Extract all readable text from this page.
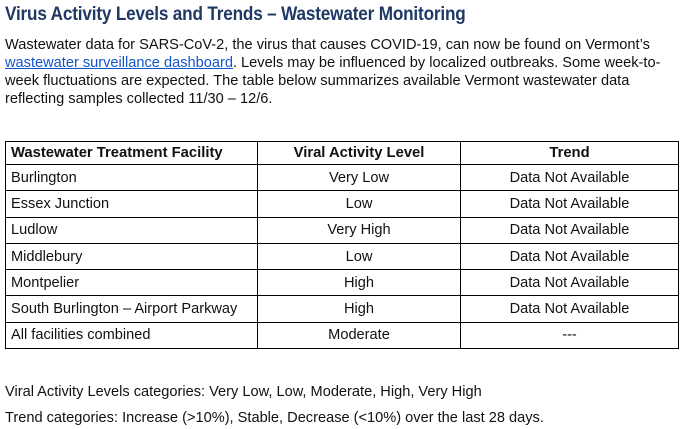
Virus Activity Levels and Trends – Wastewater Monitoring
Wastewater data for SARS-CoV-2, the virus that causes COVID-19, can now be found on Vermont’s wastewater surveillance dashboard. Levels may be influenced by localized outbreaks. Some week-to-week fluctuations are expected. The table below summarizes available Vermont wastewater data reflecting samples collected 11/30 – 12/6.
Wastewater Treatment Facility	Viral Activity Level	Trend
Burlington	Very Low	Data Not Available
Essex Junction	Low	Data Not Available
Ludlow	Very High	Data Not Available
Middlebury	Low	Data Not Available
Montpelier	High	Data Not Available
South Burlington – Airport Parkway	High	Data Not Available
All facilities combined	Moderate	---
Viral Activity Levels categories: Very Low, Low, Moderate, High, Very High
Trend categories: Increase (>10%), Stable, Decrease (<10%) over the last 28 days.
